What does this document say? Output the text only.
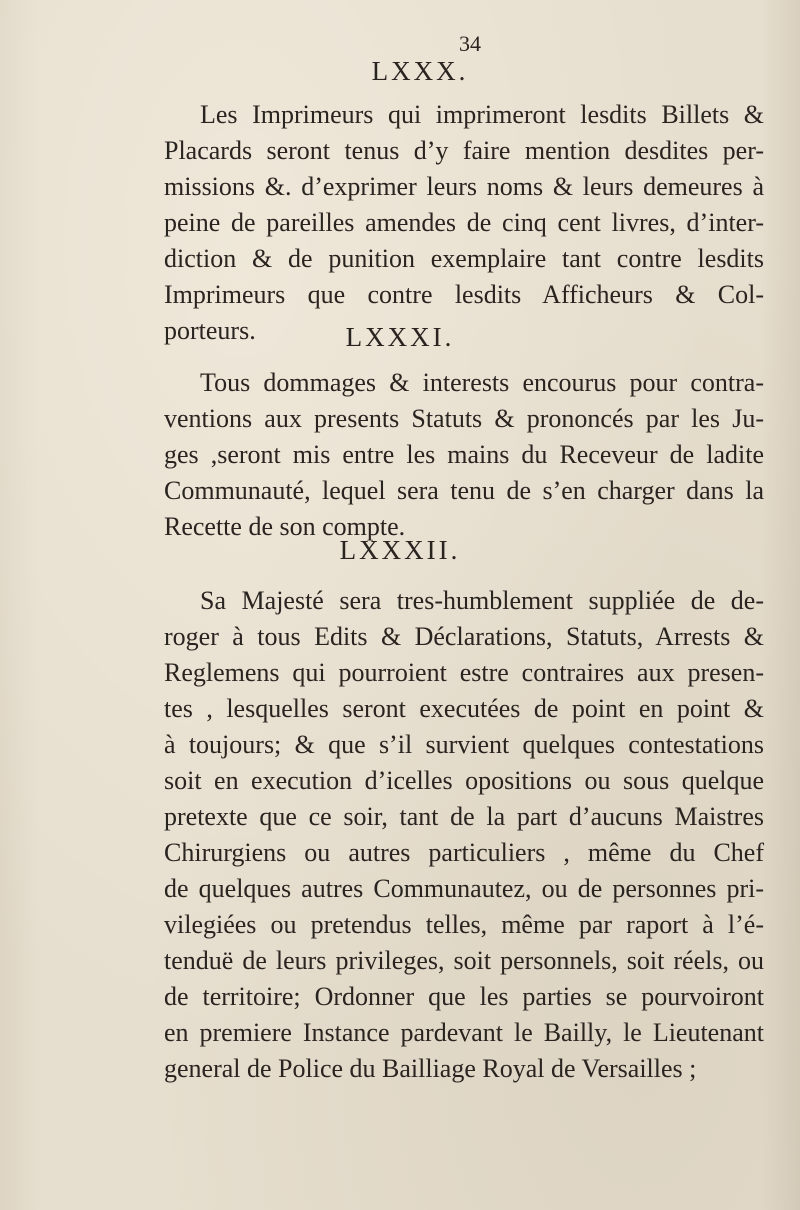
34
LXXX.
Les Imprimeurs qui imprimeront lesdits Billets &
Placards seront tenus d’y faire mention desdites per-
missions &. d’exprimer leurs noms & leurs demeures à
peine de pareilles amendes de cinq cent livres, d’inter-
diction & de punition exemplaire tant contre lesdits
Imprimeurs que contre lesdits Afficheurs & Col-
porteurs.	LXXXI.
Tous dommages & interests encourus pour contra-
ventions aux presents Statuts & prononcés par les Ju-
ges ,seront mis entre les mains du Receveur de ladite
Communauté, lequel sera tenu de s’en charger dans la
Recette de son compte.
LXXXII.
Sa Majesté sera tres-humblement suppliée de de-
roger à tous Edits & Déclarations, Statuts, Arrests &
Reglemens qui pourroient estre contraires aux presen-
tes , lesquelles seront executées de point en point &
à toujours; & que s’il survient quelques contestations
soit en execution d’icelles opositions ou sous quelque
pretexte que ce soir, tant de la part d’aucuns Maistres
Chirurgiens ou autres particuliers , même du Chef
de quelques autres Communautez, ou de personnes pri-
vilegiées ou pretendus telles, même par raport à l’é-
tenduë de leurs privileges, soit personnels, soit réels, ou
de territoire; Ordonner que les parties se pourvoiront
en premiere Instance pardevant le Bailly, le Lieutenant
general de Police du Bailliage Royal de Versailles ;
